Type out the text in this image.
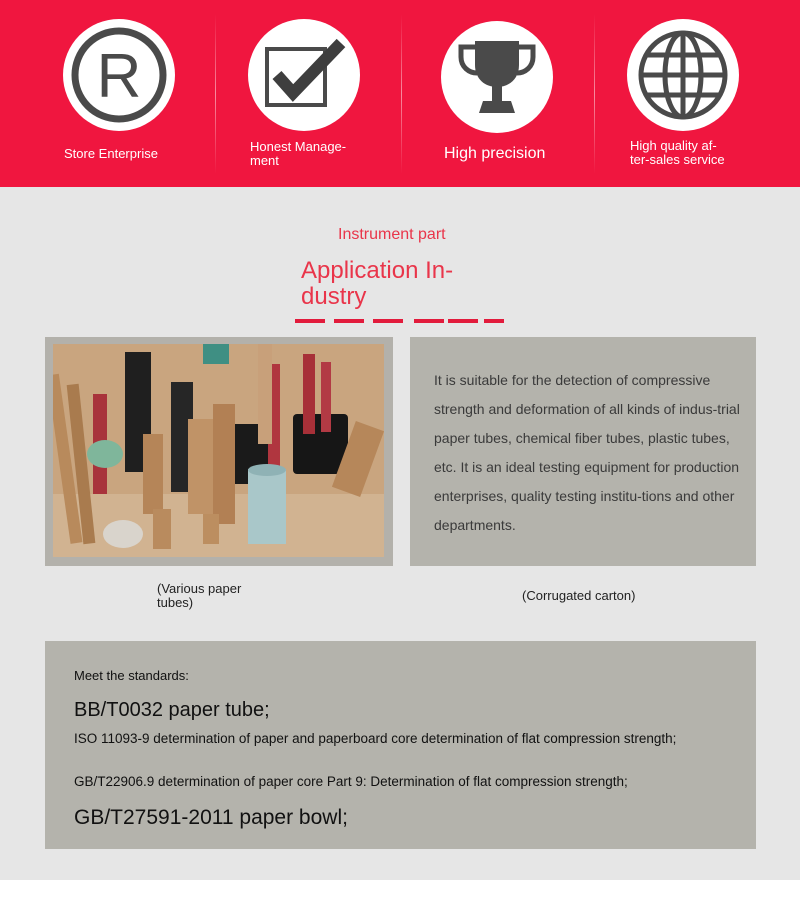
R
Store Enterprise	Honest Manage-
ment	High precision	High quality af-
ter-sales service
Instrument part
Application In-
dustry
It is suitable for the detection of compressive strength and deformation of all kinds of indus-trial paper tubes, chemical fiber tubes, plastic tubes, etc. It is an ideal testing equipment for production enterprises, quality testing institu-tions and other departments.
(Various paper
tubes)	(Corrugated carton)
Meet the standards:
BB/T0032 paper tube;
ISO 11093-9 determination of paper and paperboard core determination of flat compression strength;
GB/T22906.9 determination of paper core Part 9: Determination of flat compression strength;
GB/T27591-2011 paper bowl;
